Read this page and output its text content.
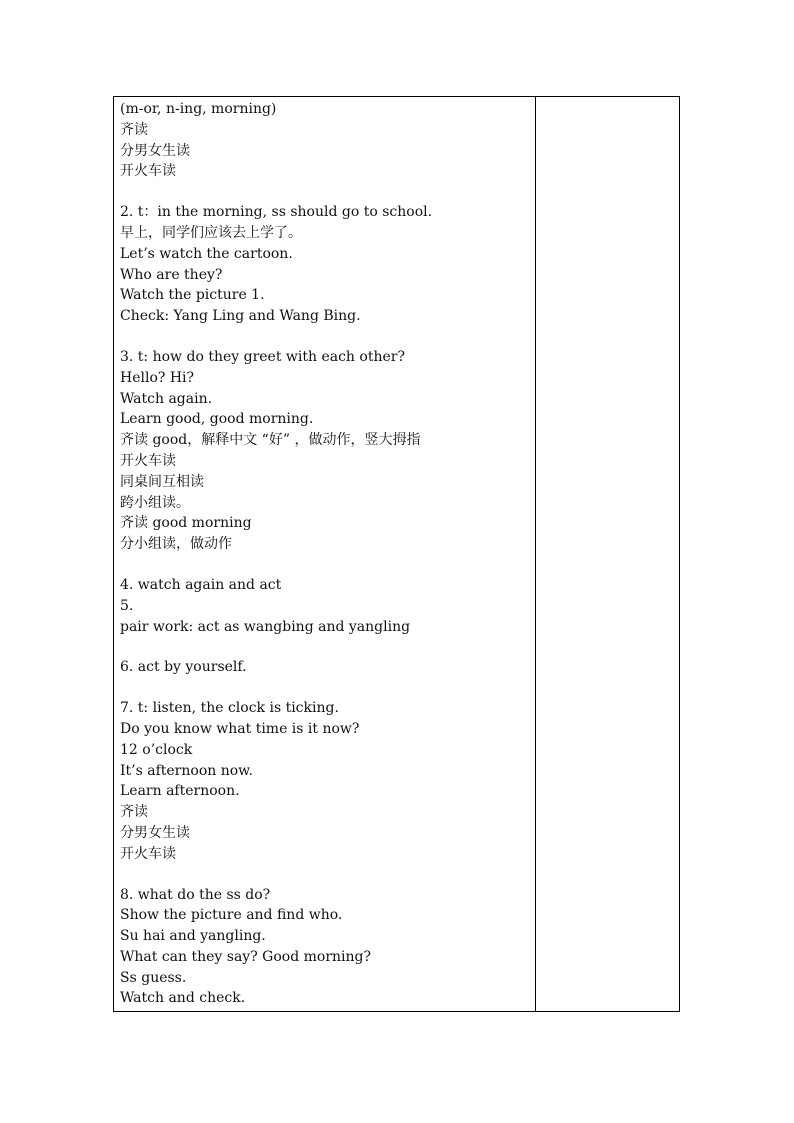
(m-or, n-ing, morning)
齐读
分男女生读
开火车读
2. t：in the morning, ss should go to school.
早上，同学们应该去上学了。
Let’s watch the cartoon.
Who are they?
Watch the picture 1.
Check: Yang Ling and Wang Bing.
3. t: how do they greet with each other?
Hello? Hi?
Watch again.
Learn good, good morning.
齐读 good，解释中文 “好” ，做动作，竖大拇指
开火车读
同桌间互相读
跨小组读。
齐读 good morning
分小组读，做动作
4. watch again and act
5.
pair work: act as wangbing and yangling
6. act by yourself.
7. t: listen, the clock is ticking.
Do you know what time is it now?
12 o’clock
It’s afternoon now.
Learn afternoon.
齐读
分男女生读
开火车读
8. what do the ss do?
Show the picture and find who.
Su hai and yangling.
What can they say? Good morning?
Ss guess.
Watch and check.
